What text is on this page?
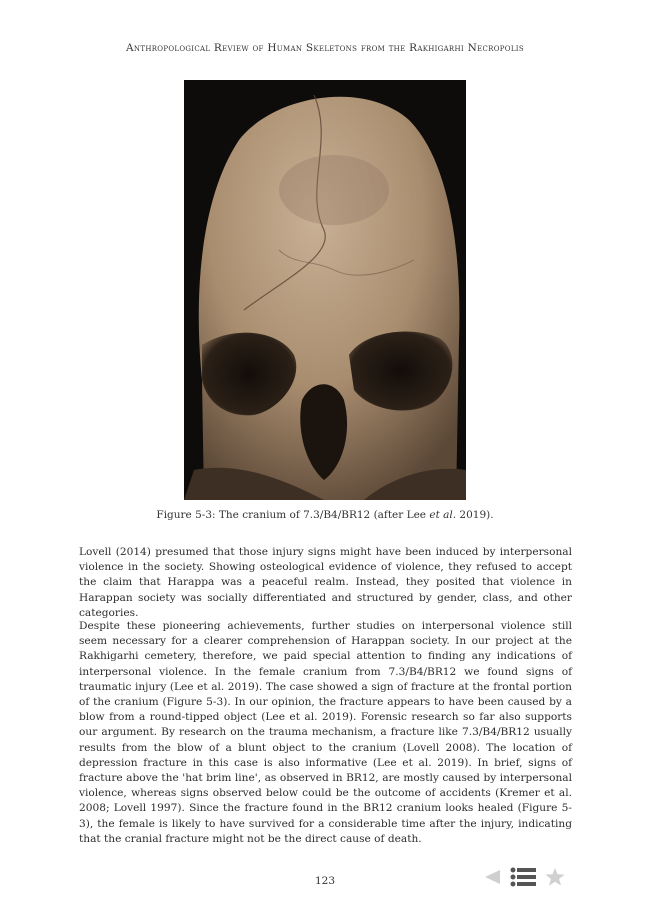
Anthropological Review of Human Skeletons from the Rakhigarhi Necropolis
Figure 5-3: The cranium of 7.3/B4/BR12 (after Lee et al. 2019).

Lovell (2014) presumed that those injury signs might have been induced by interpersonal violence in the society. Showing osteological evidence of violence, they refused to accept the claim that Harappa was a peaceful realm. Instead, they posited that violence in Harappan society was socially differentiated and structured by gender, class, and other categories.

Despite these pioneering achievements, further studies on interpersonal violence still seem necessary for a clearer comprehension of Harappan society. In our project at the Rakhigarhi cemetery, therefore, we paid special attention to finding any indications of interpersonal violence. In the female cranium from 7.3/B4/BR12 we found signs of traumatic injury (Lee et al. 2019). The case showed a sign of fracture at the frontal portion of the cranium (Figure 5-3). In our opinion, the fracture appears to have been caused by a blow from a round-tipped object (Lee et al. 2019). Forensic research so far also supports our argument. By research on the trauma mechanism, a fracture like 7.3/B4/BR12 usually results from the blow of a blunt object to the cranium (Lovell 2008). The location of depression fracture in this case is also informative (Lee et al. 2019). In brief, signs of fracture above the 'hat brim line', as observed in BR12, are mostly caused by interpersonal violence, whereas signs observed below could be the outcome of accidents (Kremer et al. 2008; Lovell 1997). Since the fracture found in the BR12 cranium looks healed (Figure 5-3), the female is likely to have survived for a considerable time after the injury, indicating that the cranial fracture might not be the direct cause of death.

123
